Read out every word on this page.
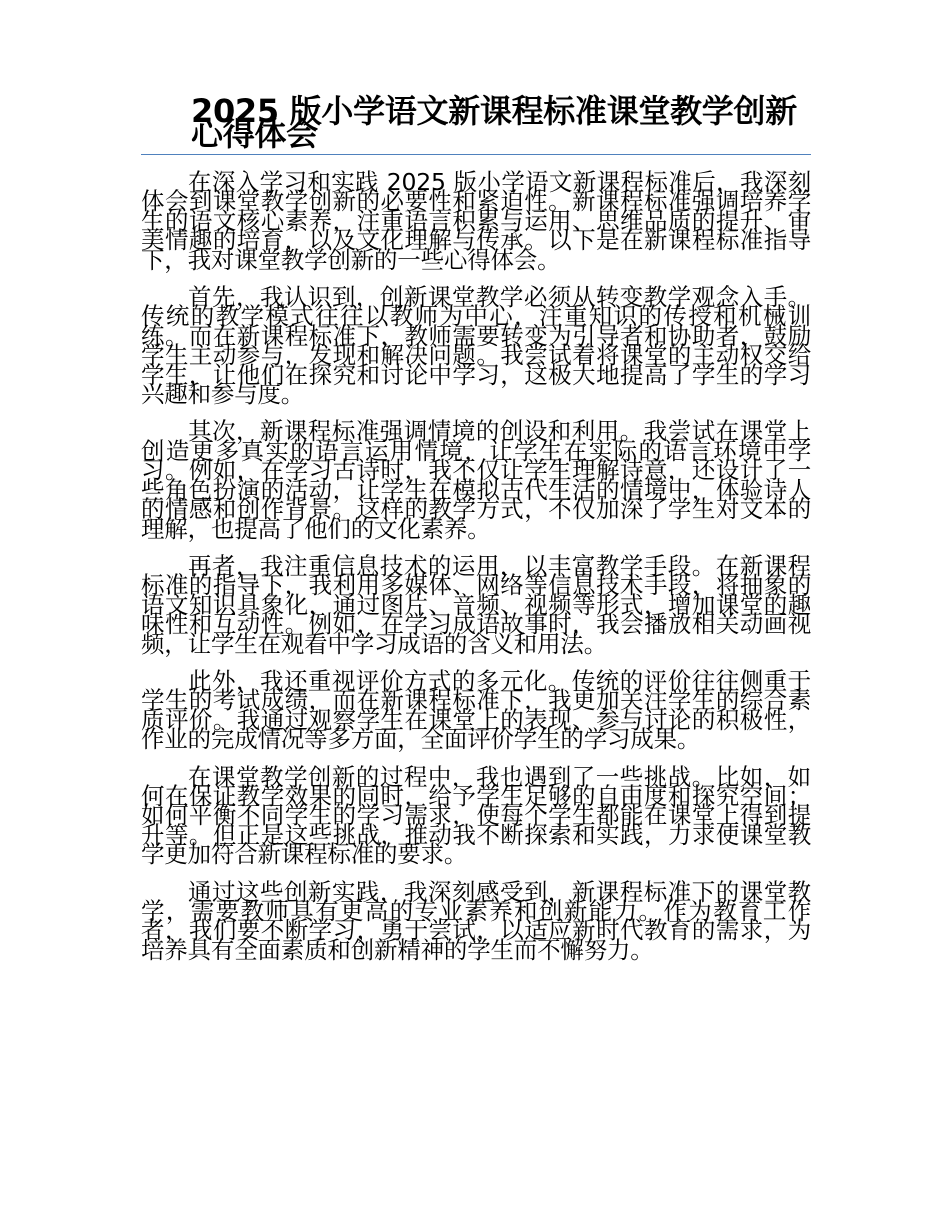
2025 版小学语文新课程标准课堂教学创新心得体会

在深入学习和实践 2025 版小学语文新课程标准后，我深刻体会到课堂教学创新的必要性和紧迫性。新课程标准强调培养学生的语文核心素养，注重语言积累与运用、思维品质的提升、审美情趣的培育，以及文化理解与传承。以下是在新课程标准指导下，我对课堂教学创新的一些心得体会。

首先，我认识到，创新课堂教学必须从转变教学观念入手。传统的教学模式往往以教师为中心，注重知识的传授和机械训练。而在新课程标准下，教师需要转变为引导者和协助者，鼓励学生主动参与，发现和解决问题。我尝试着将课堂的主动权交给学生，让他们在探究和讨论中学习，这极大地提高了学生的学习兴趣和参与度。

其次，新课程标准强调情境的创设和利用。我尝试在课堂上创造更多真实的语言运用情境，让学生在实际的语言环境中学习。例如，在学习古诗时，我不仅让学生理解诗意，还设计了一些角色扮演的活动，让学生在模拟古代生活的情境中，体验诗人的情感和创作背景。这样的教学方式，不仅加深了学生对文本的理解，也提高了他们的文化素养。

再者，我注重信息技术的运用，以丰富教学手段。在新课程标准的指导下，我利用多媒体、网络等信息技术手段，将抽象的语文知识具象化，通过图片、音频、视频等形式，增加课堂的趣味性和互动性。例如，在学习成语故事时，我会播放相关动画视频，让学生在观看中学习成语的含义和用法。

此外，我还重视评价方式的多元化。传统的评价往往侧重于学生的考试成绩，而在新课程标准下，我更加关注学生的综合素质评价。我通过观察学生在课堂上的表现、参与讨论的积极性，作业的完成情况等多方面，全面评价学生的学习成果。

在课堂教学创新的过程中，我也遇到了一些挑战。比如，如何在保证教学效果的同时，给予学生足够的自由度和探究空间；如何平衡不同学生的学习需求，使每个学生都能在课堂上得到提升等。但正是这些挑战，推动我不断探索和实践，力求使课堂教学更加符合新课程标准的要求。

通过这些创新实践，我深刻感受到，新课程标准下的课堂教学，需要教师具有更高的专业素养和创新能力。作为教育工作者，我们要不断学习，勇于尝试，以适应新时代教育的需求，为培养具有全面素质和创新精神的学生而不懈努力。
